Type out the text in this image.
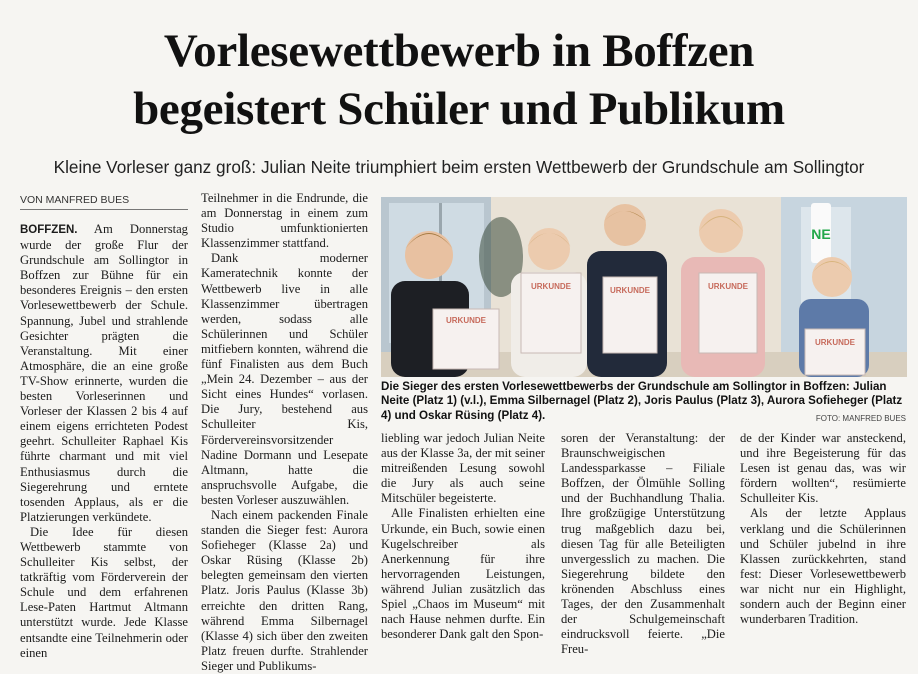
Vorlesewettbewerb in Boffzen
begeistert Schüler und Publikum

Kleine Vorleser ganz groß: Julian Neite triumphiert beim ersten Wettbewerb der Grundschule am Sollingtor

VON MANFRED BUES

BOFFZEN. Am Donnerstag wurde der große Flur der Grundschule am Sollingtor in Boffzen zur Bühne für ein besonderes Ereignis – den ersten Vorlesewettbewerb der Schule. Spannung, Jubel und strahlende Gesichter prägten die Veranstaltung. Mit einer Atmosphäre, die an eine große TV-Show erinnerte, wurden die besten Vorleserinnen und Vorleser der Klassen 2 bis 4 auf einem eigens errichteten Podest geehrt. Schulleiter Raphael Kis führte charmant und mit viel Enthusiasmus durch die Siegerehrung und erntete tosenden Applaus, als er die Platzierungen verkündete.

Die Idee für diesen Wettbewerb stammte von Schulleiter Kis selbst, der tatkräftig vom Förderverein der Schule und dem erfahrenen Lese-Paten Hartmut Altmann unterstützt wurde. Jede Klasse entsandte eine Teilnehmerin oder einen

Teilnehmer in die Endrunde, die am Donnerstag in einem zum Studio umfunktionierten Klassenzimmer stattfand.

Dank moderner Kameratechnik konnte der Wettbewerb live in alle Klassenzimmer übertragen werden, sodass alle Schülerinnen und Schüler mitfiebern konnten, während die fünf Finalisten aus dem Buch „Mein 24. Dezember – aus der Sicht eines Hundes“ vorlasen. Die Jury, bestehend aus Schulleiter Kis, Fördervereinsvorsitzender Nadine Dormann und Lesepate Altmann, hatte die anspruchsvolle Aufgabe, die besten Vorleser auszuwählen.

Nach einem packenden Finale standen die Sieger fest: Aurora Sofieheger (Klasse 2a) und Oskar Rüsing (Klasse 2b) belegten gemeinsam den vierten Platz. Joris Paulus (Klasse 3b) erreichte den dritten Rang, während Emma Silbernagel (Klasse 4) sich über den zweiten Platz freuen durfte. Strahlender Sieger und Publikums-

NE
URKUNDE
URKUNDE	URKUNDE	URKUNDE
URKUNDE
Die Sieger des ersten Vorlesewettbewerbs der Grundschule am Sollingtor in Boffzen: Julian Neite (Platz 1) (v.l.), Emma Silbernagel (Platz 2), Joris Paulus (Platz 3), Aurora Sofieheger (Platz 4) und Oskar Rüsing (Platz 4).	FOTO: MANFRED BUES

liebling war jedoch Julian Neite aus der Klasse 3a, der mit seiner mitreißenden Lesung sowohl die Jury als auch seine Mitschüler begeisterte.

Alle Finalisten erhielten eine Urkunde, ein Buch, sowie einen Kugelschreiber als Anerkennung für ihre hervorragenden Leistungen, während Julian zusätzlich das Spiel „Chaos im Museum“ mit nach Hause nehmen durfte. Ein besonderer Dank galt den Spon-

soren der Veranstaltung: der Braunschweigischen Landessparkasse – Filiale Boffzen, der Ölmühle Solling und der Buchhandlung Thalia. Ihre großzügige Unterstützung trug maßgeblich dazu bei, diesen Tag für alle Beteiligten unvergesslich zu machen. Die Siegerehrung bildete den krönenden Abschluss eines Tages, der den Zusammenhalt der Schulgemeinschaft eindrucksvoll feierte. „Die Freu-

de der Kinder war ansteckend, und ihre Begeisterung für das Lesen ist genau das, was wir fördern wollten“, resümierte Schulleiter Kis.

Als der letzte Applaus verklang und die Schülerinnen und Schüler jubelnd in ihre Klassen zurückkehrten, stand fest: Dieser Vorlesewettbewerb war nicht nur ein Highlight, sondern auch der Beginn einer wunderbaren Tradition.
